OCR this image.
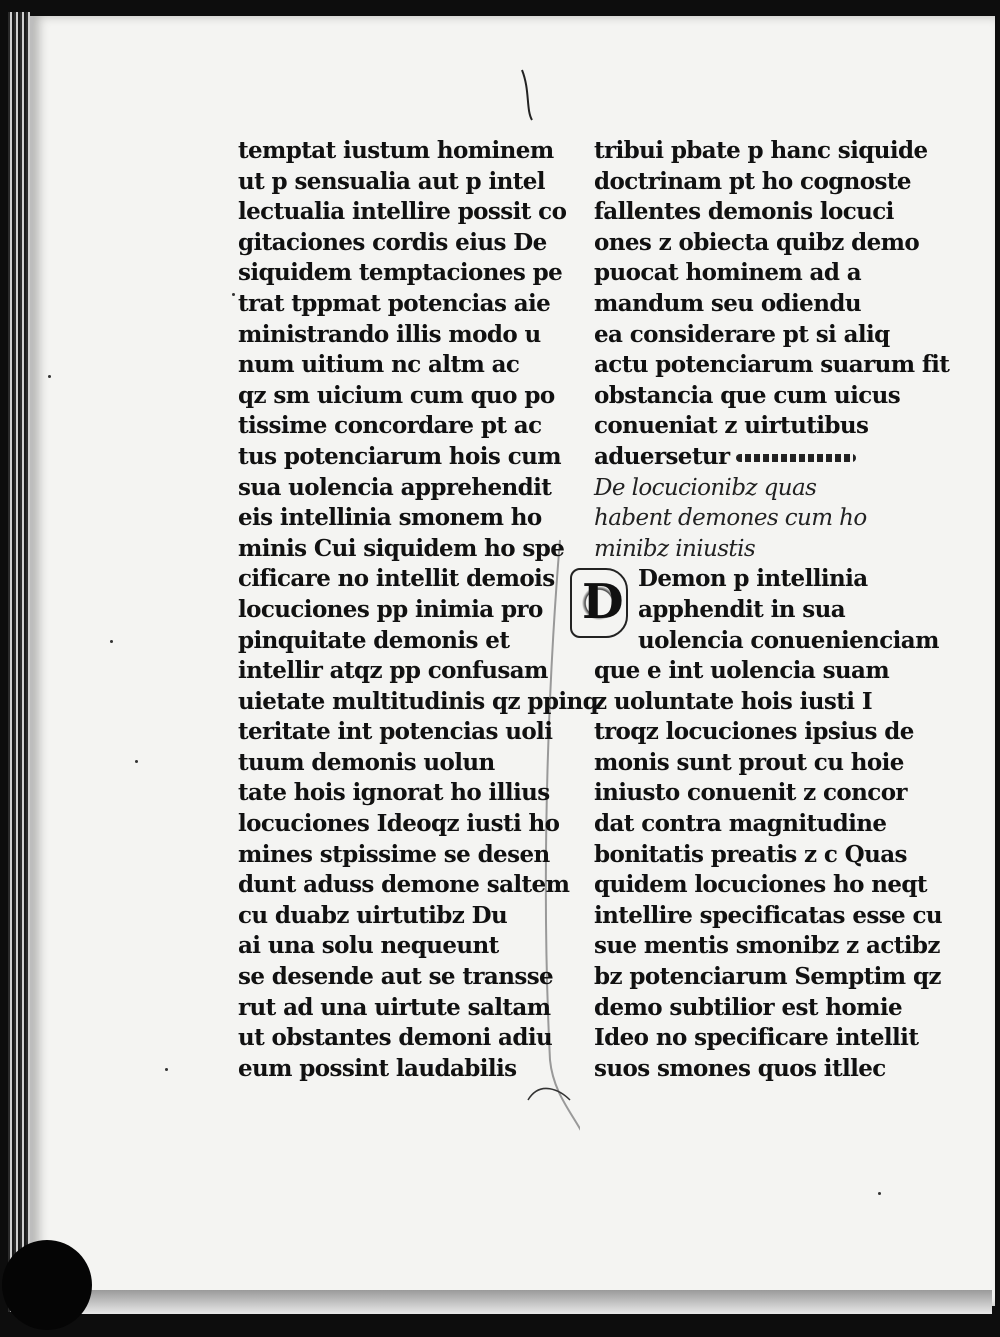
temptat iustum hominem
ut p sensualia aut p intel
lectualia intellire possit co
gitaciones cordis eius De
siquidem temptaciones pe
trat tppmat potencias aie
ministrando illis modo u
num uitium nc altm ac
qz sm uicium cum quo po
tissime concordare pt ac
tus potenciarum hois cum
sua uolencia apprehendit
eis intellinia smonem ho
minis Cui siquidem ho spe
cificare no intellit demois
locuciones pp inimia pro
pinquitate demonis et
intellir atqz pp confusam
uietate multitudinis qz ppinq
teritate int potencias uoli
tuum demonis uolun
tate hois ignorat ho illius
locuciones Ideoqz iusti ho
mines stpissime se desen
dunt aduss demone saltem
cu duabz uirtutibz Du
ai una solu nequeunt
se desende aut se transse
rut ad una uirtute saltam
ut obstantes demoni adiu
eum possint laudabilis
tribui pbate p hanc siquide
doctrinam pt ho cognoste
fallentes demonis locuci
ones z obiecta quibz demo
puocat hominem ad a
mandum seu odiendu
ea considerare pt si aliq
actu potenciarum suarum fit
obstancia que cum uicus
conueniat z uirtutibus
aduersetur
De locucionibz quas
habent demones cum ho
minibz iniustis
Demon p intellinia
apphendit in sua
uolencia conuenienciam
que e int uolencia suam
z uoluntate hois iusti I
troqz locuciones ipsius de
monis sunt prout cu hoie
iniusto conuenit z concor
dat contra magnitudine
bonitatis preatis z c Quas
quidem locuciones ho neqt
intellire specificatas esse cu
sue mentis smonibz z actibz
bz potenciarum Semptim qz
demo subtilior est homie
Ideo no specificare intellit
suos smones quos itllec
D
